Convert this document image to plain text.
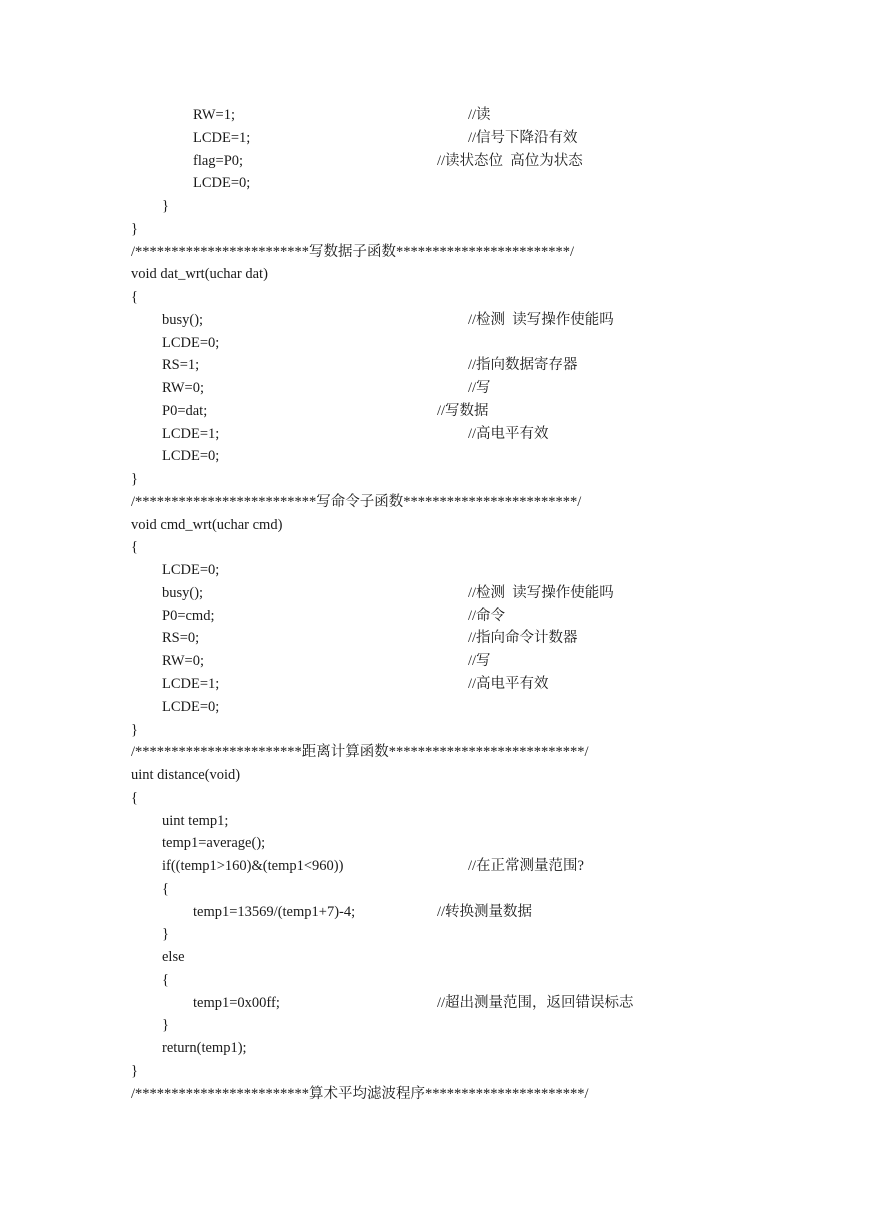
RW=1;	//读
LCDE=1;	//信号下降沿有效
flag=P0;	//读状态位  高位为状态
LCDE=0;
}
}
/************************写数据子函数************************/
void dat_wrt(uchar dat)
{
busy();	//检测  读写操作使能吗
LCDE=0;
RS=1;	//指向数据寄存器
RW=0;	//写
P0=dat;	//写数据
LCDE=1;	//高电平有效
LCDE=0;
}
/*************************写命令子函数************************/
void cmd_wrt(uchar cmd)
{
LCDE=0;
busy();	//检测  读写操作使能吗
P0=cmd;	//命令
RS=0;	//指向命令计数器
RW=0;	//写
LCDE=1;	//高电平有效
LCDE=0;
}
/***********************距离计算函数***************************/
uint distance(void)
{
uint temp1;
temp1=average();
if((temp1>160)&(temp1<960))	//在正常测量范围?
{
temp1=13569/(temp1+7)-4;	//转换测量数据
}
else
{
temp1=0x00ff;	//超出测量范围，返回错误标志
}
return(temp1);
}
/************************算术平均滤波程序**********************/
